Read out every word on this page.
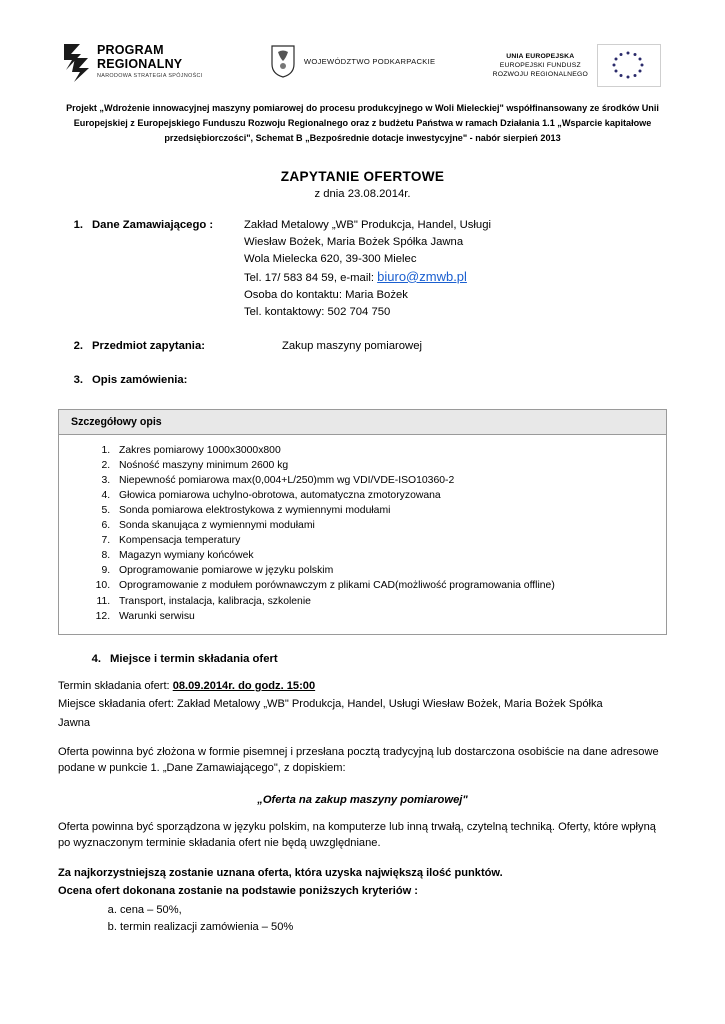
PROGRAM
REGIONALNY
NARODOWA STRATEGIA SPÓJNOŚCI
WOJEWÓDZTWO PODKARPACKIE	UNIA EUROPEJSKA
EUROPEJSKI FUNDUSZ
ROZWOJU REGIONALNEGO
Projekt „Wdrożenie innowacyjnej maszyny pomiarowej do procesu produkcyjnego w Woli Mieleckiej" współfinansowany ze środków Unii Europejskiej z Europejskiego Funduszu Rozwoju Regionalnego oraz z budżetu Państwa w ramach Działania 1.1 „Wsparcie kapitałowe przedsiębiorczości", Schemat B „Bezpośrednie dotacje inwestycyjne" - nabór sierpień 2013
ZAPYTANIE OFERTOWE
z dnia 23.08.2014r.
1. Dane Zamawiającego :	Zakład Metalowy „WB" Produkcja, Handel, Usługi
Wiesław Bożek, Maria Bożek Spółka Jawna
Wola Mielecka 620, 39-300 Mielec
Tel. 17/ 583 84 59, e-mail: biuro@zmwb.pl
Osoba do kontaktu: Maria Bożek
Tel. kontaktowy: 502 704 750
2. Przedmiot zapytania:	Zakup maszyny pomiarowej
3. Opis zamówienia:
Szczegółowy opis
1. Zakres pomiarowy 1000x3000x800
2. Nośność maszyny minimum 2600 kg
3. Niepewność pomiarowa max(0,004+L/250)mm wg VDI/VDE-ISO10360-2
4. Głowica pomiarowa uchylno-obrotowa, automatyczna zmotoryzowana
5. Sonda pomiarowa elektrostykowa z wymiennymi modułami
6. Sonda skanująca z wymiennymi modułami
7. Kompensacja temperatury
8. Magazyn wymiany końcówek
9. Oprogramowanie pomiarowe w języku polskim
10. Oprogramowanie z modułem porównawczym z plikami CAD(możliwość programowania offline)
11. Transport, instalacja, kalibracja, szkolenie
12. Warunki serwisu
4. Miejsce i termin składania ofert
Termin składania ofert: 08.09.2014r. do godz. 15:00
Miejsce składania ofert: Zakład Metalowy „WB" Produkcja, Handel, Usługi Wiesław Bożek, Maria Bożek Spółka
Jawna
Oferta powinna być złożona w formie pisemnej i przesłana pocztą tradycyjną lub dostarczona osobiście na dane adresowe podane w punkcie 1. „Dane Zamawiającego", z dopiskiem:
„Oferta na zakup maszyny pomiarowej"
Oferta powinna być sporządzona w języku polskim, na komputerze lub inną trwałą, czytelną techniką. Oferty, które wpłyną po wyznaczonym terminie składania ofert nie będą uwzględniane.
Za najkorzystniejszą zostanie uznana oferta, która uzyska największą ilość punktów.
Ocena ofert dokonana zostanie na podstawie poniższych kryteriów :
a. cena – 50%,
b. termin realizacji zamówienia – 50%
